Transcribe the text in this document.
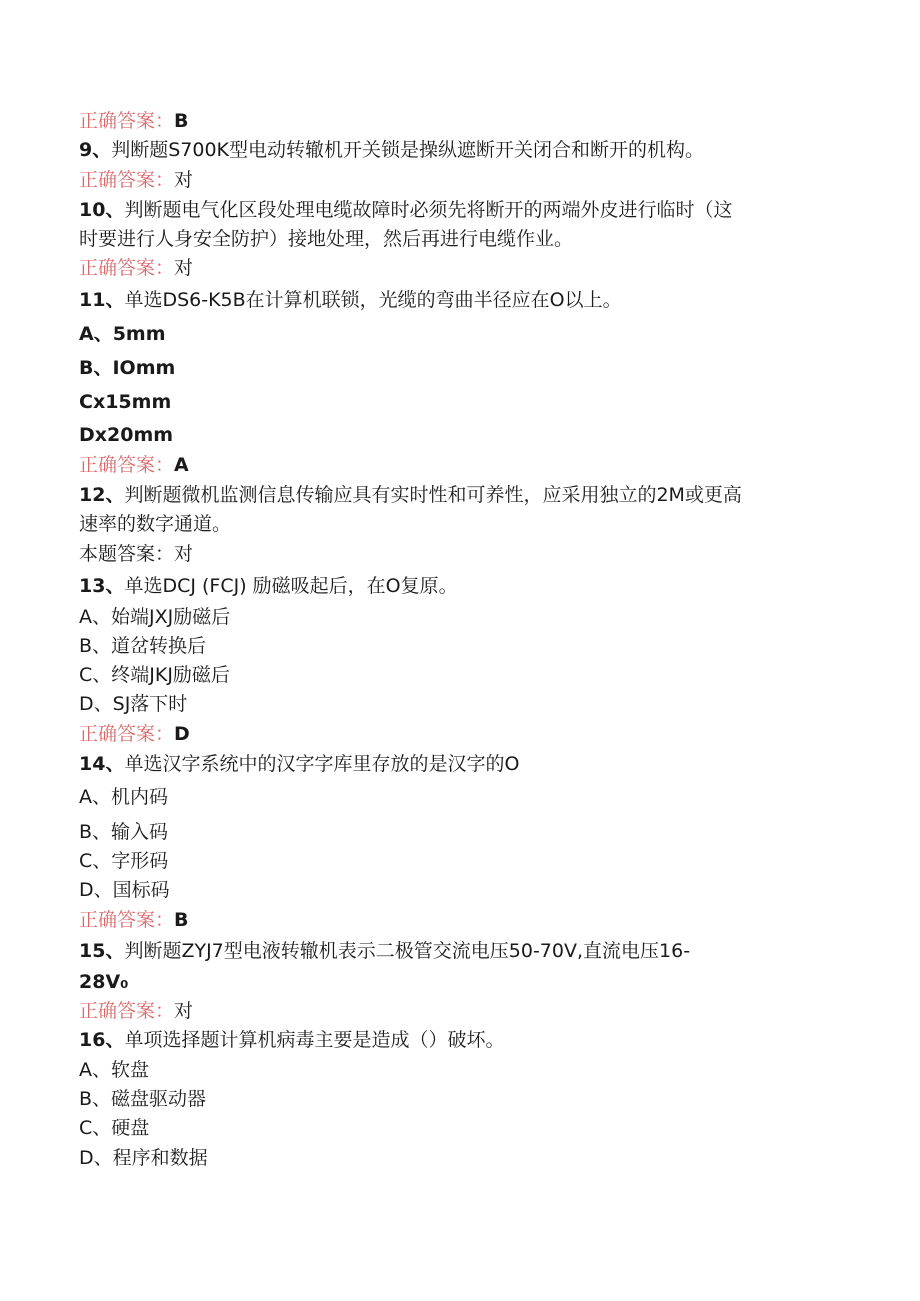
正确答案：B
9、判断题S700K型电动转辙机开关锁是操纵遮断开关闭合和断开的机构。
正确答案：对
10、判断题电气化区段处理电缆故障时必须先将断开的两端外皮进行临时（这
时要进行人身安全防护）接地处理，然后再进行电缆作业。
正确答案：对
11、单选DS6-K5B在计算机联锁，光缆的弯曲半径应在O以上。
A、5mm
B、IOmm
Cx15mm
Dx20mm
正确答案：A
12、判断题微机监测信息传输应具有实时性和可养性，应采用独立的2M或更高
速率的数字通道。
本题答案：对
13、单选DCJ (FCJ) 励磁吸起后，在O复原。
A、始端JXJ励磁后
B、道岔转换后
C、终端JKJ励磁后
D、SJ落下时
正确答案：D
14、单选汉字系统中的汉字字库里存放的是汉字的O
A、机内码
B、输入码
C、字形码
D、国标码
正确答案：B
15、判断题ZYJ7型电液转辙机表示二极管交流电压50-70V,直流电压16-
28V₀
正确答案：对
16、单项选择题计算机病毒主要是造成（）破坏。
A、软盘
B、磁盘驱动器
C、硬盘
D、程序和数据
